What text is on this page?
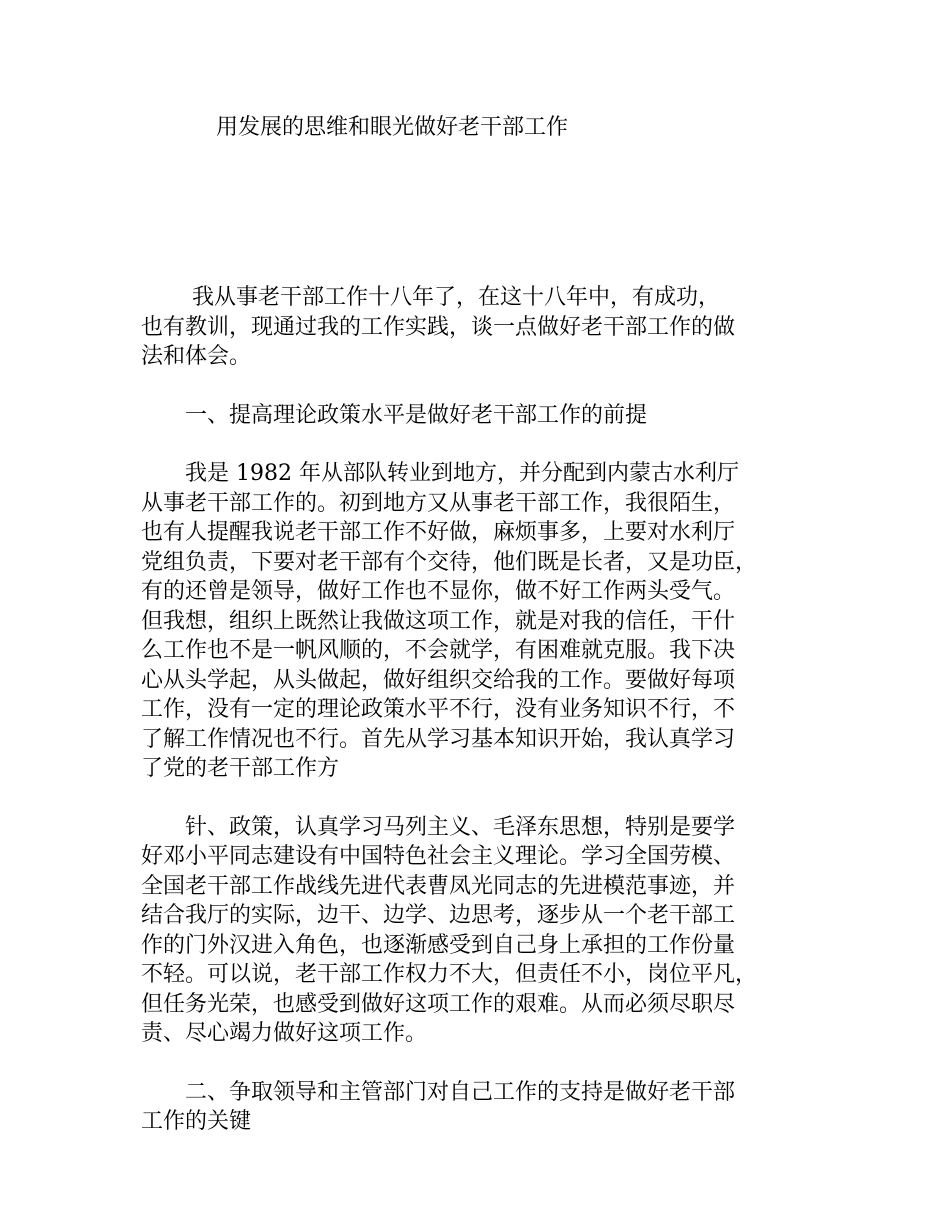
用发展的思维和眼光做好老干部工作

　　 我从事老干部工作十八年了，在这十八年中，有成功，
也有教训，现通过我的工作实践，谈一点做好老干部工作的做
法和体会。

　　一、提高理论政策水平是做好老干部工作的前提

　　我是 1982 年从部队转业到地方，并分配到内蒙古水利厅
从事老干部工作的。初到地方又从事老干部工作，我很陌生，
也有人提醒我说老干部工作不好做，麻烦事多，上要对水利厅
党组负责，下要对老干部有个交待，他们既是长者，又是功臣，
有的还曾是领导，做好工作也不显你，做不好工作两头受气。
但我想，组织上既然让我做这项工作，就是对我的信任，干什
么工作也不是一帆风顺的，不会就学，有困难就克服。我下决
心从头学起，从头做起，做好组织交给我的工作。要做好每项
工作，没有一定的理论政策水平不行，没有业务知识不行，不
了解工作情况也不行。首先从学习基本知识开始，我认真学习
了党的老干部工作方

　　针、政策，认真学习马列主义、毛泽东思想，特别是要学
好邓小平同志建设有中国特色社会主义理论。学习全国劳模、
全国老干部工作战线先进代表曹凤光同志的先进模范事迹，并
结合我厅的实际，边干、边学、边思考，逐步从一个老干部工
作的门外汉进入角色，也逐渐感受到自己身上承担的工作份量
不轻。可以说，老干部工作权力不大，但责任不小，岗位平凡，
但任务光荣，也感受到做好这项工作的艰难。从而必须尽职尽
责、尽心竭力做好这项工作。

　　二、争取领导和主管部门对自己工作的支持是做好老干部
工作的关键
